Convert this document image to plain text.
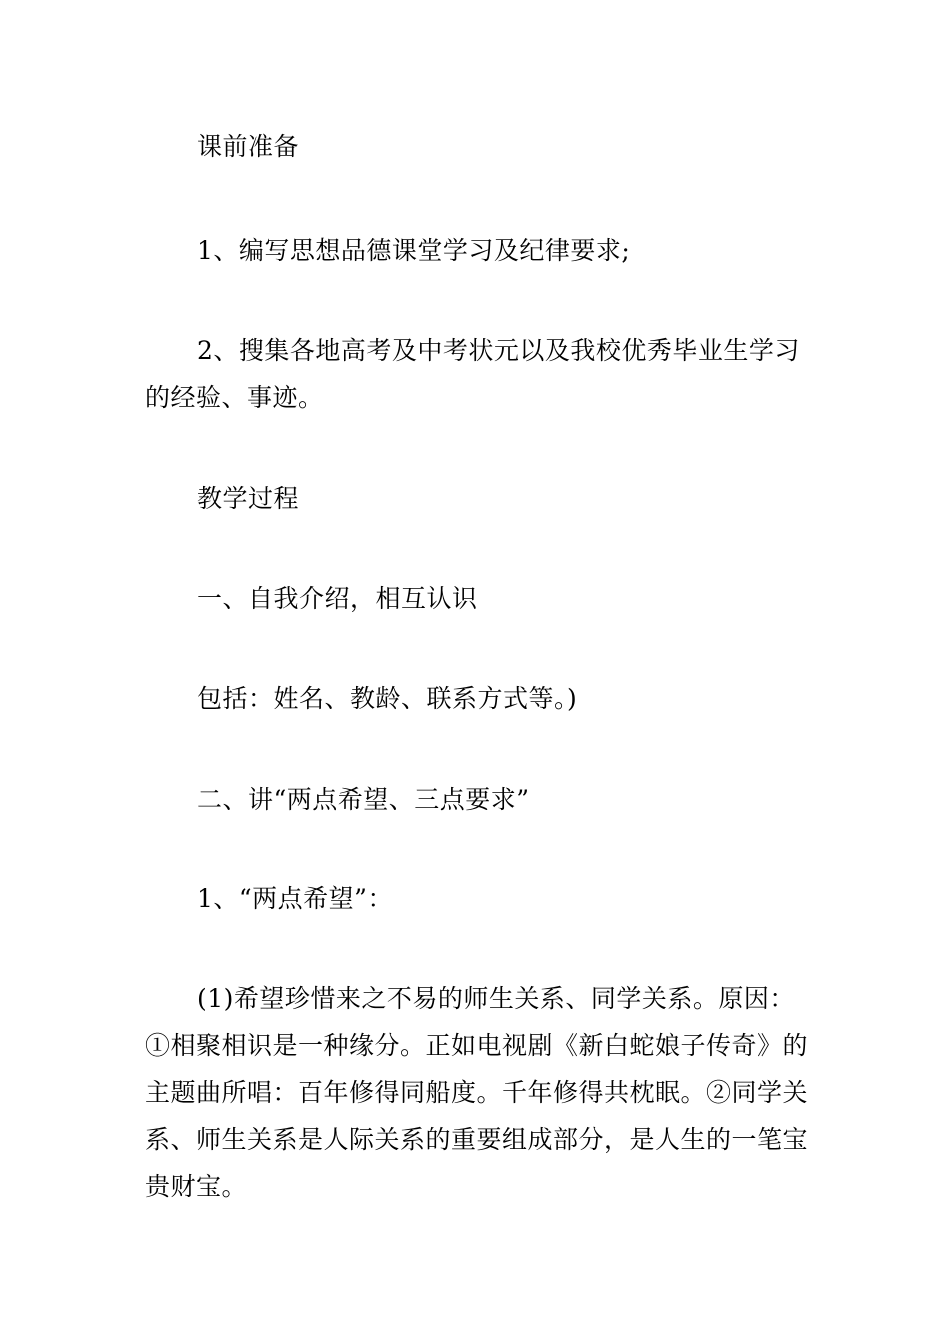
课前准备
1、编写思想品德课堂学习及纪律要求;
2、搜集各地高考及中考状元以及我校优秀毕业生学习的经验、事迹。
教学过程
一、自我介绍，相互认识
包括：姓名、教龄、联系方式等。)
二、讲“两点希望、三点要求”
1、“两点希望”：
(1)希望珍惜来之不易的师生关系、同学关系。原因：①相聚相识是一种缘分。正如电视剧《新白蛇娘子传奇》的主题曲所唱：百年修得同船度。千年修得共枕眠。②同学关系、师生关系是人际关系的重要组成部分，是人生的一笔宝贵财宝。
